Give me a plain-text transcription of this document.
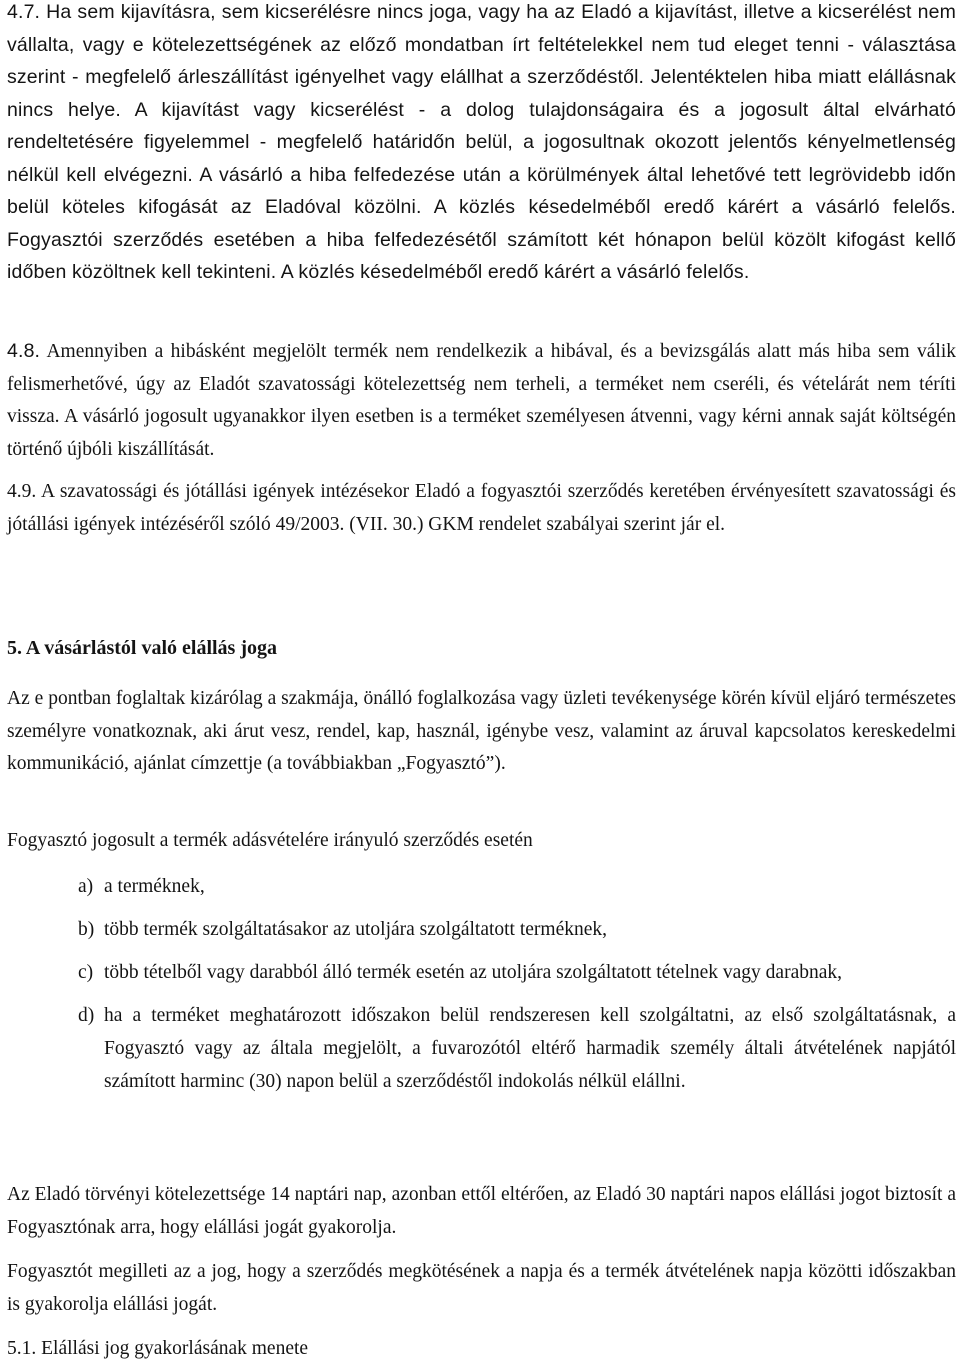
4.7. Ha sem kijavításra, sem kicserélésre nincs joga, vagy ha az Eladó a kijavítást, illetve a kicserélést nem vállalta, vagy e kötelezettségének az előző mondatban írt feltételekkel nem tud eleget tenni - választása szerint - megfelelő árleszállítást igényelhet vagy elállhat a szerződéstől. Jelentéktelen hiba miatt elállásnak nincs helye. A kijavítást vagy kicserélést - a dolog tulajdonságaira és a jogosult által elvárható rendeltetésére figyelemmel - megfelelő határidőn belül, a jogosultnak okozott jelentős kényelmetlenség nélkül kell elvégezni. A vásárló a hiba felfedezése után a körülmények által lehetővé tett legrövidebb időn belül köteles kifogását az Eladóval közölni. A közlés késedelméből eredő kárért a vásárló felelős. Fogyasztói szerződés esetében a hiba felfedezésétől számított két hónapon belül közölt kifogást kellő időben közöltnek kell tekinteni. A közlés késedelméből eredő kárért a vásárló felelős.

4.8. Amennyiben a hibásként megjelölt termék nem rendelkezik a hibával, és a bevizsgálás alatt más hiba sem válik felismerhetővé, úgy az Eladót szavatossági kötelezettség nem terheli, a terméket nem cseréli, és vételárát nem téríti vissza. A vásárló jogosult ugyanakkor ilyen esetben is a terméket személyesen átvenni, vagy kérni annak saját költségén történő újbóli kiszállítását.

4.9. A szavatossági és jótállási igények intézésekor Eladó a fogyasztói szerződés keretében érvényesített szavatossági és jótállási igények intézéséről szóló 49/2003. (VII. 30.) GKM rendelet szabályai szerint jár el.

5. A vásárlástól való elállás joga

Az e pontban foglaltak kizárólag a szakmája, önálló foglalkozása vagy üzleti tevékenysége körén kívül eljáró természetes személyre vonatkoznak, aki árut vesz, rendel, kap, használ, igénybe vesz, valamint az áruval kapcsolatos kereskedelmi kommunikáció, ajánlat címzettje (a továbbiakban „Fogyasztó”).

Fogyasztó jogosult a termék adásvételére irányuló szerződés esetén

a) a terméknek,
b) több termék szolgáltatásakor az utoljára szolgáltatott terméknek,
c) több tételből vagy darabból álló termék esetén az utoljára szolgáltatott tételnek vagy darabnak,
d) ha a terméket meghatározott időszakon belül rendszeresen kell szolgáltatni, az első szolgáltatásnak, a Fogyasztó vagy az általa megjelölt, a fuvarozótól eltérő harmadik személy általi átvételének napjától számított harminc (30) napon belül a szerződéstől indokolás nélkül elállni.

Az Eladó törvényi kötelezettsége 14 naptári nap, azonban ettől eltérően, az Eladó 30 naptári napos elállási jogot biztosít a Fogyasztónak arra, hogy elállási jogát gyakorolja.

Fogyasztót megilleti az a jog, hogy a szerződés megkötésének a napja és a termék átvételének napja közötti időszakban is gyakorolja elállási jogát.

5.1. Elállási jog gyakorlásának menete
